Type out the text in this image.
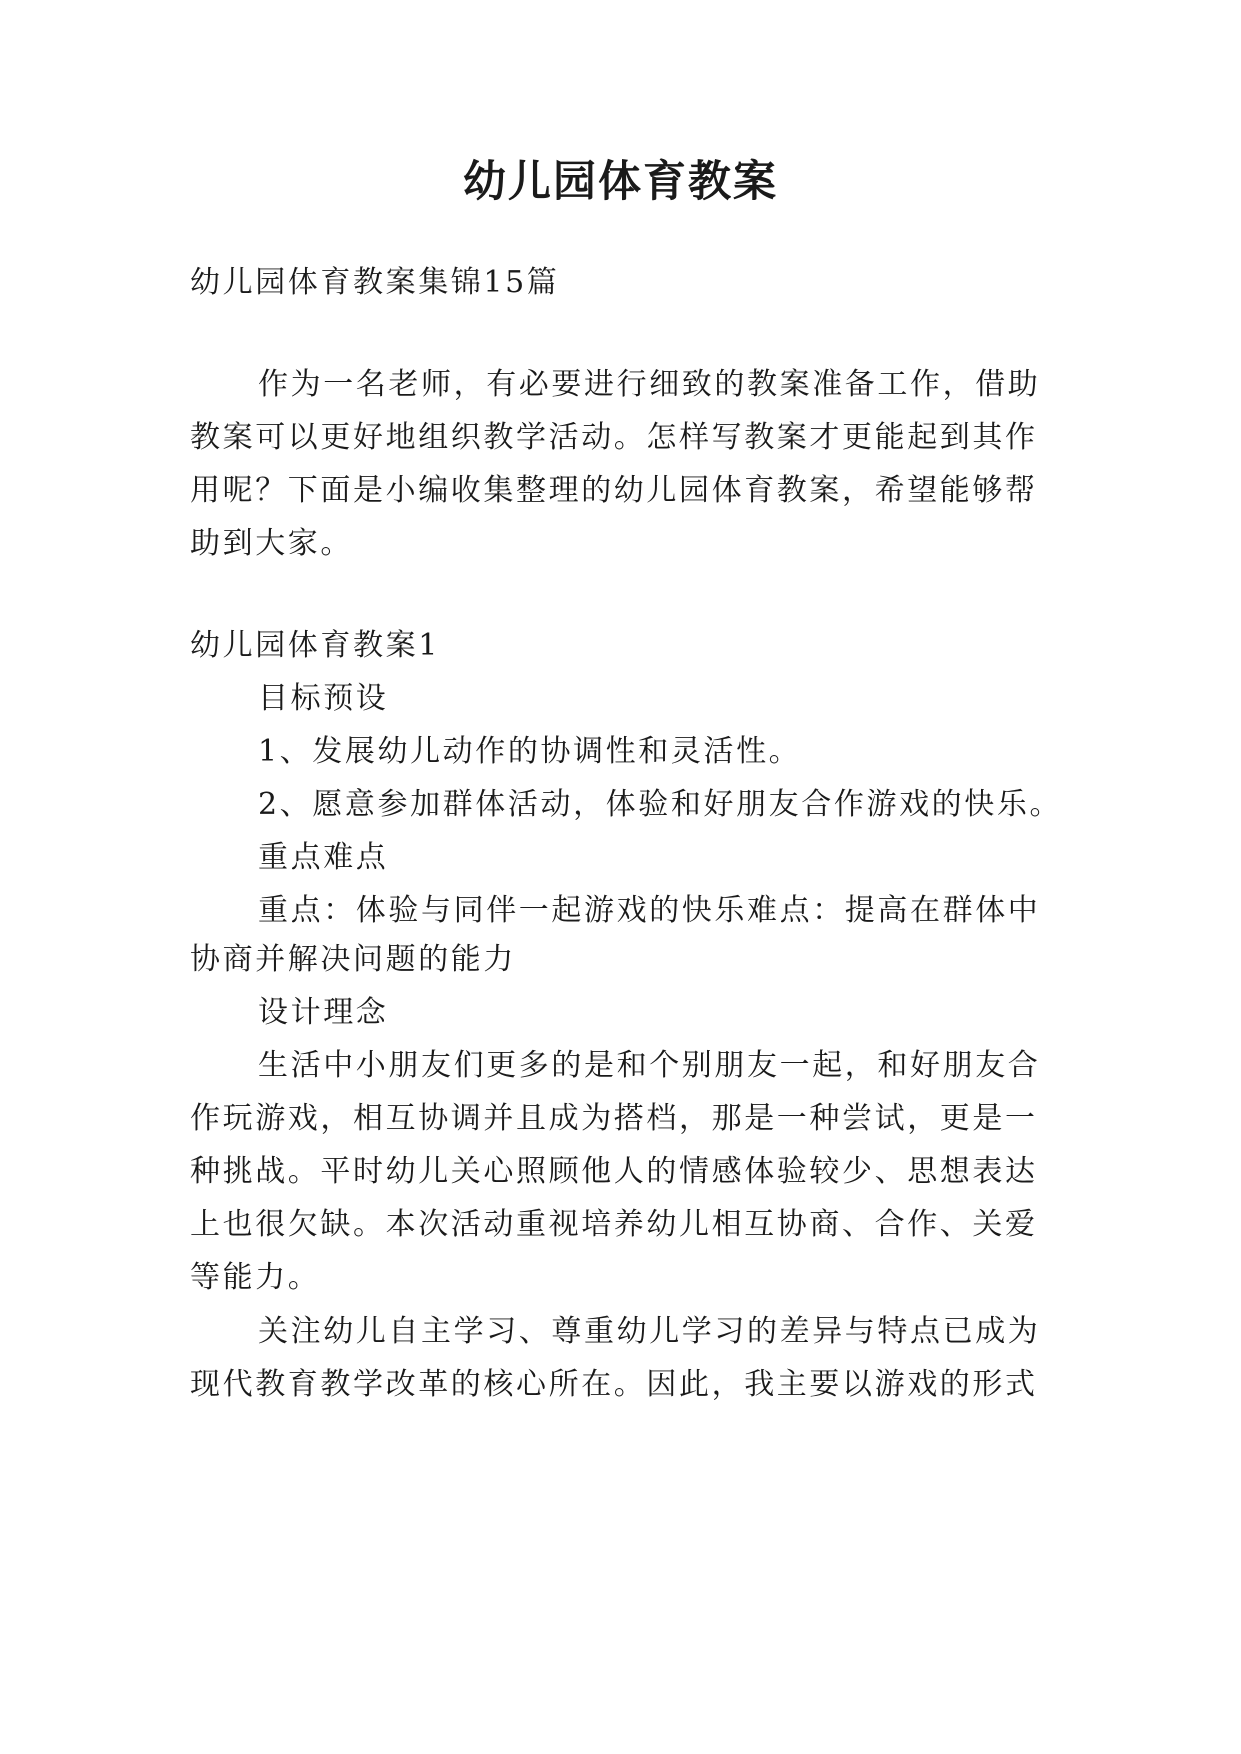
幼儿园体育教案
幼儿园体育教案集锦15篇
作为一名老师，有必要进行细致的教案准备工作，借助
教案可以更好地组织教学活动。怎样写教案才更能起到其作
用呢？下面是小编收集整理的幼儿园体育教案，希望能够帮
助到大家。
幼儿园体育教案1
目标预设
1、发展幼儿动作的协调性和灵活性。
2、愿意参加群体活动，体验和好朋友合作游戏的快乐。
重点难点
重点：体验与同伴一起游戏的快乐难点：提高在群体中
协商并解决问题的能力
设计理念
生活中小朋友们更多的是和个别朋友一起，和好朋友合
作玩游戏，相互协调并且成为搭档，那是一种尝试，更是一
种挑战。平时幼儿关心照顾他人的情感体验较少、思想表达
上也很欠缺。本次活动重视培养幼儿相互协商、合作、关爱
等能力。
关注幼儿自主学习、尊重幼儿学习的差异与特点已成为
现代教育教学改革的核心所在。因此，我主要以游戏的形式
